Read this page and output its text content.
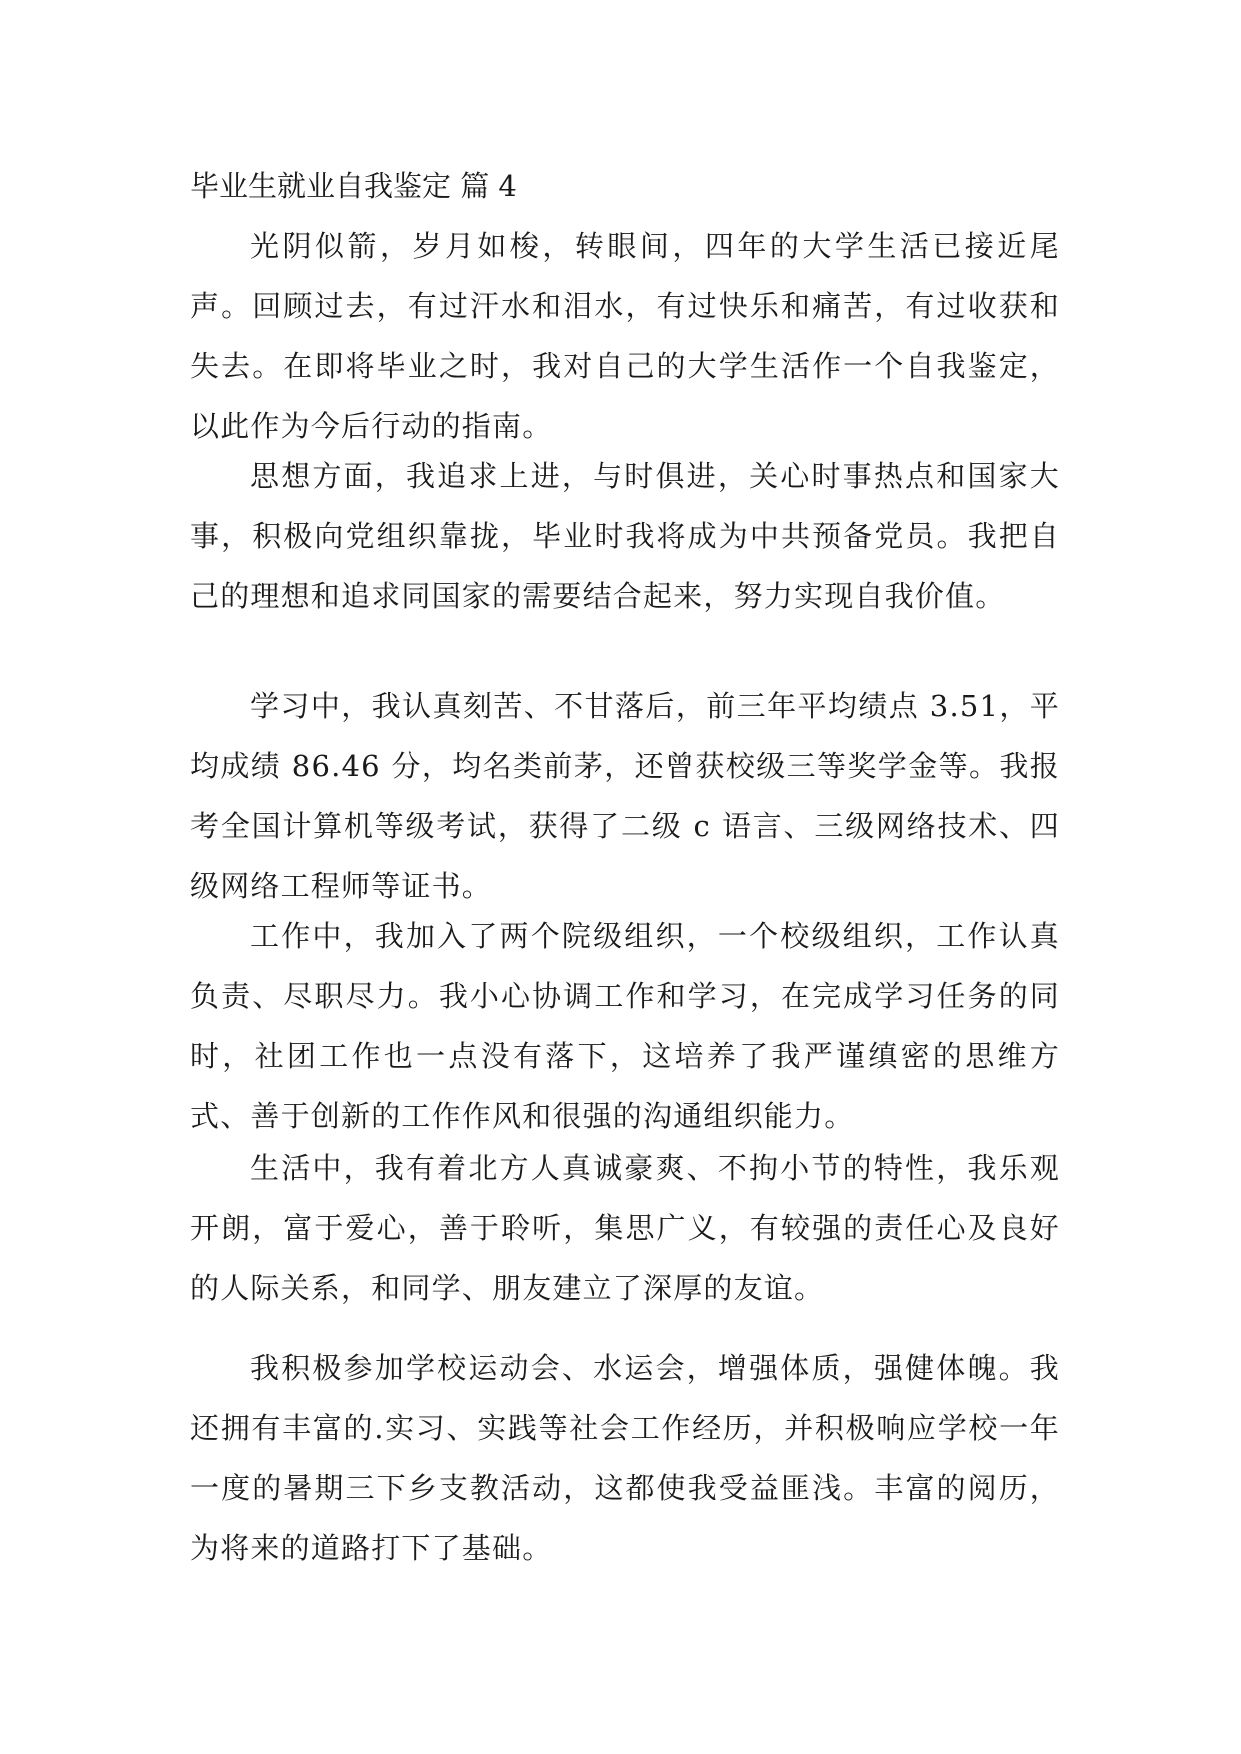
毕业生就业自我鉴定 篇 4

光阴似箭，岁月如梭，转眼间，四年的大学生活已接近尾声。回顾过去，有过汗水和泪水，有过快乐和痛苦，有过收获和失去。在即将毕业之时，我对自己的大学生活作一个自我鉴定，以此作为今后行动的指南。

思想方面，我追求上进，与时俱进，关心时事热点和国家大事，积极向党组织靠拢，毕业时我将成为中共预备党员。我把自己的理想和追求同国家的需要结合起来，努力实现自我价值。

学习中，我认真刻苦、不甘落后，前三年平均绩点 3.51，平均成绩 86.46 分，均名类前茅，还曾获校级三等奖学金等。我报考全国计算机等级考试，获得了二级 c 语言、三级网络技术、四级网络工程师等证书。

工作中，我加入了两个院级组织，一个校级组织，工作认真负责、尽职尽力。我小心协调工作和学习，在完成学习任务的同时，社团工作也一点没有落下，这培养了我严谨缜密的思维方式、善于创新的工作作风和很强的沟通组织能力。

生活中，我有着北方人真诚豪爽、不拘小节的特性，我乐观开朗，富于爱心，善于聆听，集思广义，有较强的责任心及良好的人际关系，和同学、朋友建立了深厚的友谊。

我积极参加学校运动会、水运会，增强体质，强健体魄。我还拥有丰富的.实习、实践等社会工作经历，并积极响应学校一年一度的暑期三下乡支教活动，这都使我受益匪浅。丰富的阅历，为将来的道路打下了基础。
